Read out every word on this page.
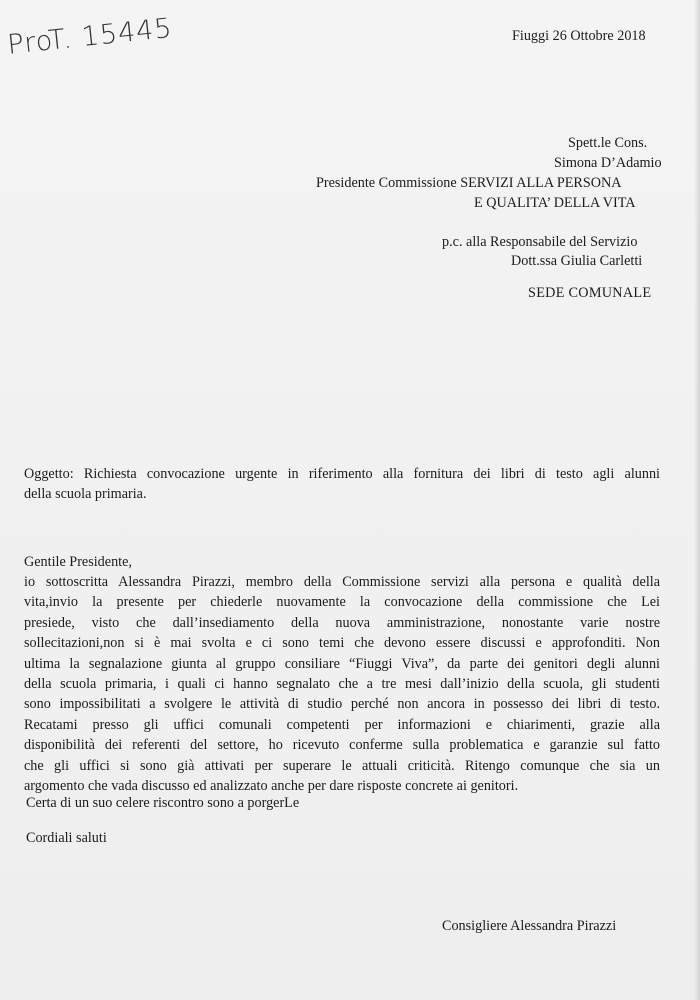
ProT. 15445	Fiuggi 26 Ottobre 2018
Spett.le Cons.
Simona D’Adamio
Presidente Commissione SERVIZI ALLA PERSONA
E QUALITA’ DELLA VITA
p.c. alla Responsabile del Servizio
Dott.ssa Giulia Carletti
SEDE COMUNALE
Oggetto: Richiesta convocazione urgente in riferimento alla fornitura dei libri di testo agli alunni
della scuola primaria.
Gentile Presidente,
io sottoscritta Alessandra Pirazzi, membro della Commissione servizi alla persona e qualità della
vita,invio la presente per chiederle nuovamente la convocazione della commissione che Lei
presiede, visto che dall’insediamento della nuova amministrazione, nonostante varie nostre
sollecitazioni,non si è mai svolta e ci sono temi che devono essere discussi e approfonditi. Non
ultima la segnalazione giunta al gruppo consiliare “Fiuggi Viva”, da parte dei genitori degli alunni
della scuola primaria, i quali ci hanno segnalato che a tre mesi dall’inizio della scuola, gli studenti
sono impossibilitati a svolgere le attività di studio perché non ancora in possesso dei libri di testo.
Recatami presso gli uffici comunali competenti per informazioni e chiarimenti, grazie alla
disponibilità dei referenti del settore, ho ricevuto conferme sulla problematica e garanzie sul fatto
che gli uffici si sono già attivati per superare le attuali criticità. Ritengo comunque che sia un
argomento che vada discusso ed analizzato anche per dare risposte concrete ai genitori.
Certa di un suo celere riscontro sono a porgerLe
Cordiali saluti
Consigliere Alessandra Pirazzi
